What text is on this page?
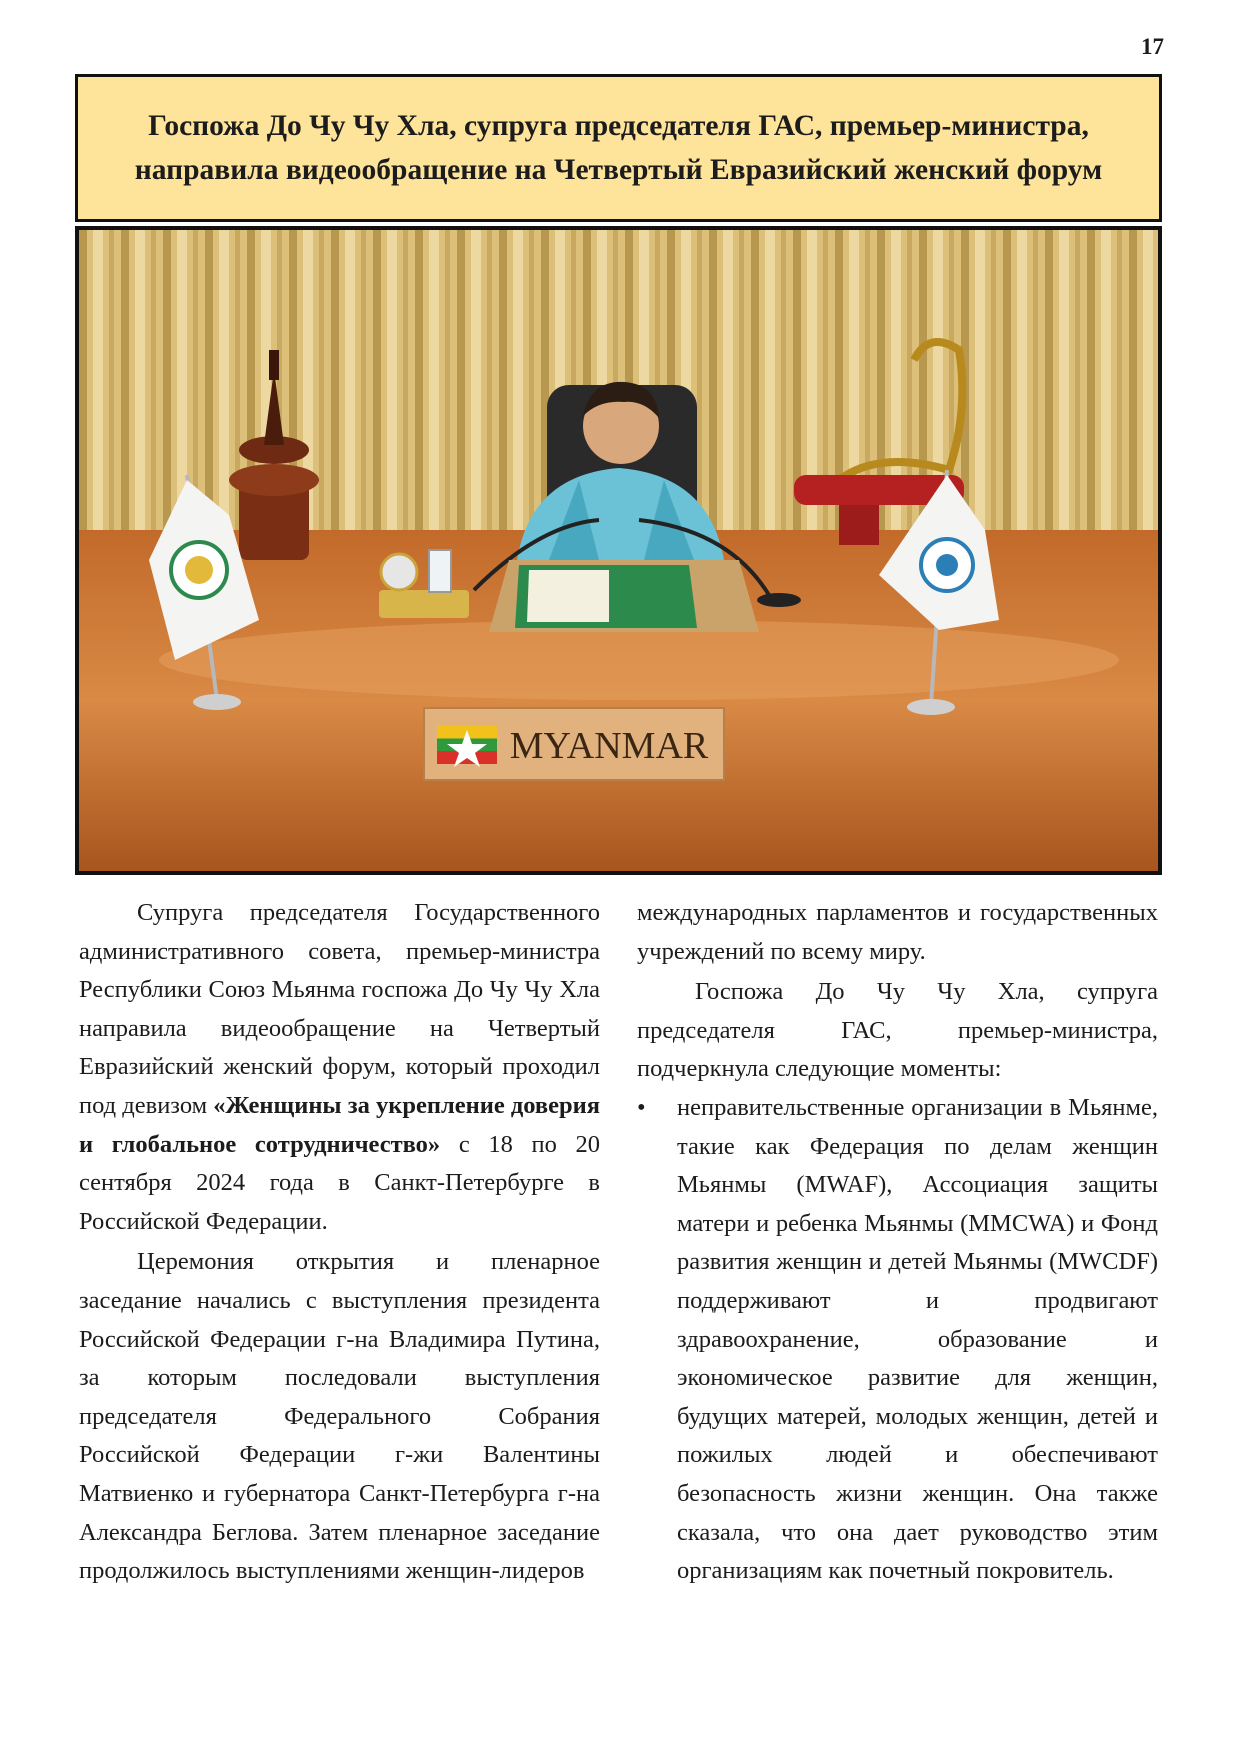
17
Госпожа До Чу Чу Хла, супруга председателя ГАС, премьер-министра,
направила видеообращение на Четвертый Евразийский женский форум
MYANMAR

Супруга председателя Государственного административного совета, премьер-министра Республики Союз Мьянма госпожа До Чу Чу Хла направила видеообращение на Четвертый Евразийский женский форум, который проходил под девизом «Женщины за укрепление доверия и глобальное сотрудничество» с 18 по 20 сентября 2024 года в Санкт-Петербурге в Российской Федерации.

Церемония открытия и пленарное заседание начались с выступления президента Российской Федерации г-на Владимира Путина, за которым последовали выступления председателя Федерального Собрания Российской Федерации г-жи Валентины Матвиенко и губернатора Санкт-Петербурга г-на Александра Беглова. Затем пленарное заседание продолжилось выступлениями женщин-лидеров

международных парламентов и государственных учреждений по всему миру.

Госпожа До Чу Чу Хла, супруга председателя ГАС, премьер-министра, подчеркнула следующие моменты:

•	неправительственные организации в Мьянме, такие как Федерация по делам женщин Мьянмы (MWAF), Ассоциация защиты матери и ребенка Мьянмы (MMCWA) и Фонд развития женщин и детей Мьянмы (MWCDF) поддерживают и продвигают здравоохранение, образование и экономическое развитие для женщин, будущих матерей, молодых женщин, детей и пожилых людей и обеспечивают безопасность жизни женщин. Она также сказала, что она дает руководство этим организациям как почетный покровитель.
